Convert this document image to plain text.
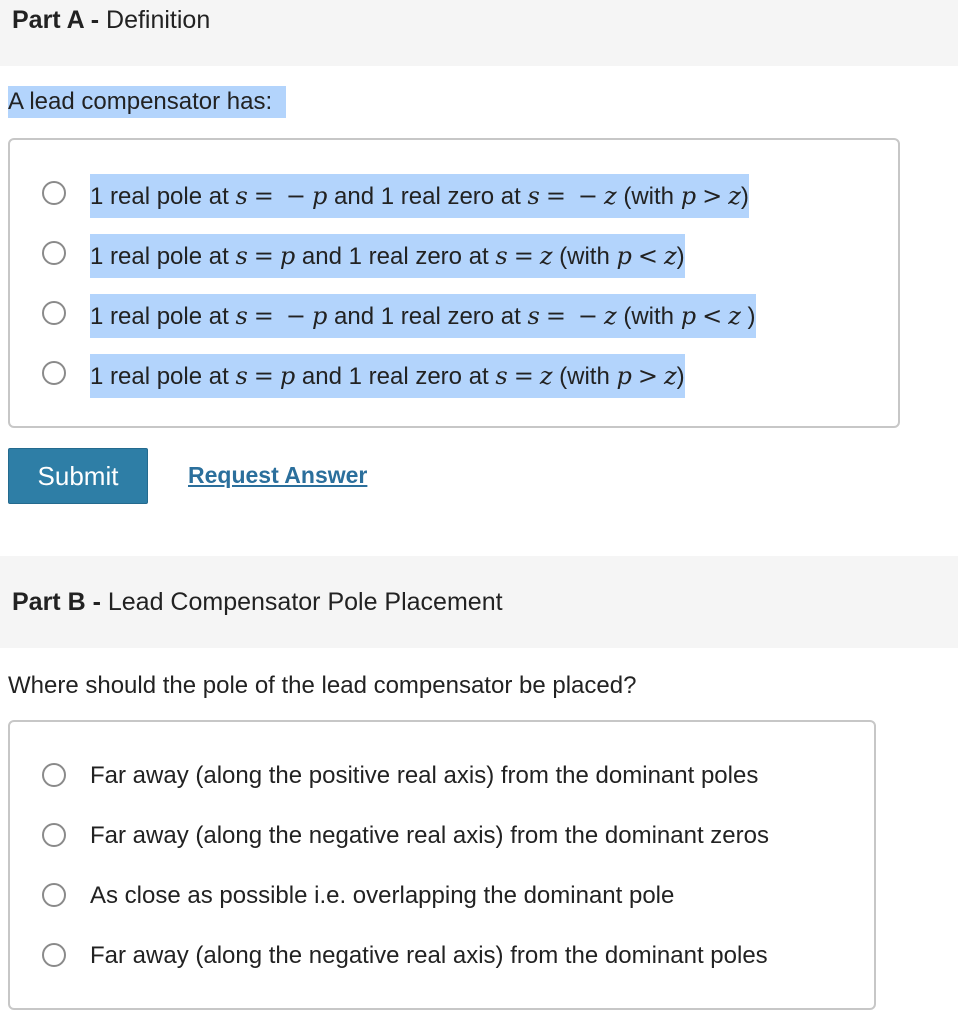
Part A - Definition
A lead compensator has:
1 real pole at s = − p and 1 real zero at s = − z (with p > z)
1 real pole at s = p and 1 real zero at s = z (with p < z)
1 real pole at s = − p and 1 real zero at s = − z (with p < z )
1 real pole at s = p and 1 real zero at s = z (with p > z)
Submit	Request Answer
Part B - Lead Compensator Pole Placement
Where should the pole of the lead compensator be placed?
Far away (along the positive real axis) from the dominant poles
Far away (along the negative real axis) from the dominant zeros
As close as possible i.e. overlapping the dominant pole
Far away (along the negative real axis) from the dominant poles
